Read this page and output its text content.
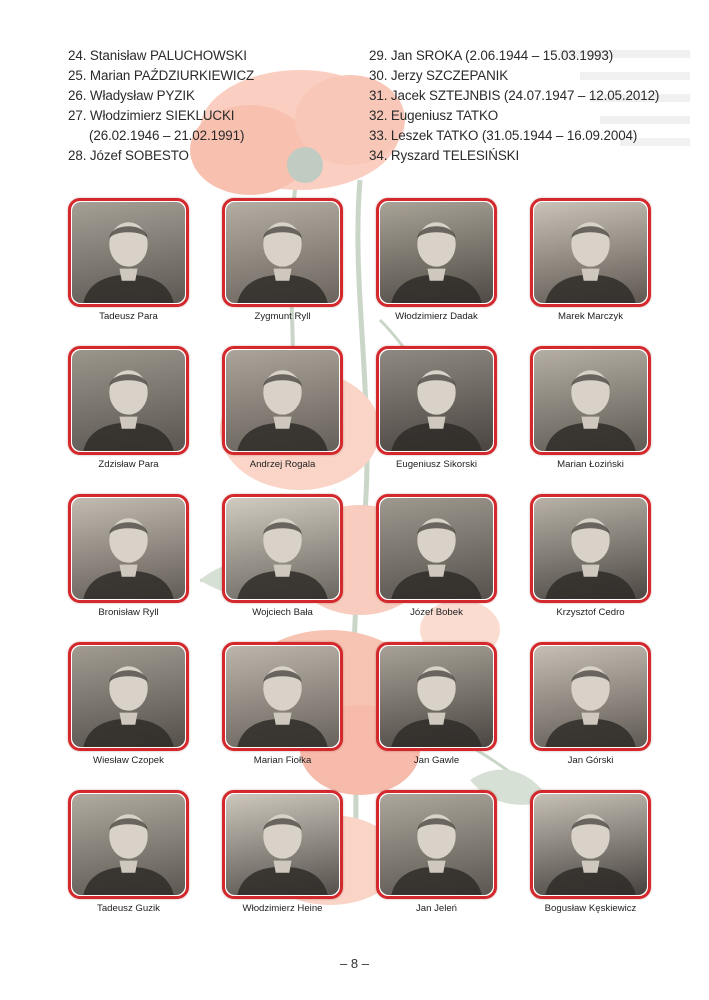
24. Stanisław PALUCHOWSKI
25. Marian PAŹDZIURKIEWICZ
26. Władysław PYZIK
27. Włodzimierz SIEKLUCKI
(26.02.1946 – 21.02.1991)
28. Józef SOBESTO
29. Jan SROKA (2.06.1944 – 15.03.1993)
30. Jerzy SZCZEPANIK
31. Jacek SZTEJNBIS (24.07.1947 – 12.05.2012)
32. Eugeniusz TATKO
33. Leszek TATKO (31.05.1944 – 16.09.2004)
34. Ryszard TELESIŃSKI
Tadeusz Para	Zygmunt Ryll	Włodzimierz Dadak	Marek Marczyk
Zdzisław Para	Andrzej Rogala	Eugeniusz Sikorski	Marian Łoziński
Bronisław Ryll	Wojciech Bała	Józef Bobek	Krzysztof Cedro
Wiesław Czopek	Marian Fiołka	Jan Gawle	Jan Górski
Tadeusz Guzik	Włodzimierz Heine	Jan Jeleń	Bogusław Kęskiewicz
– 8 –
